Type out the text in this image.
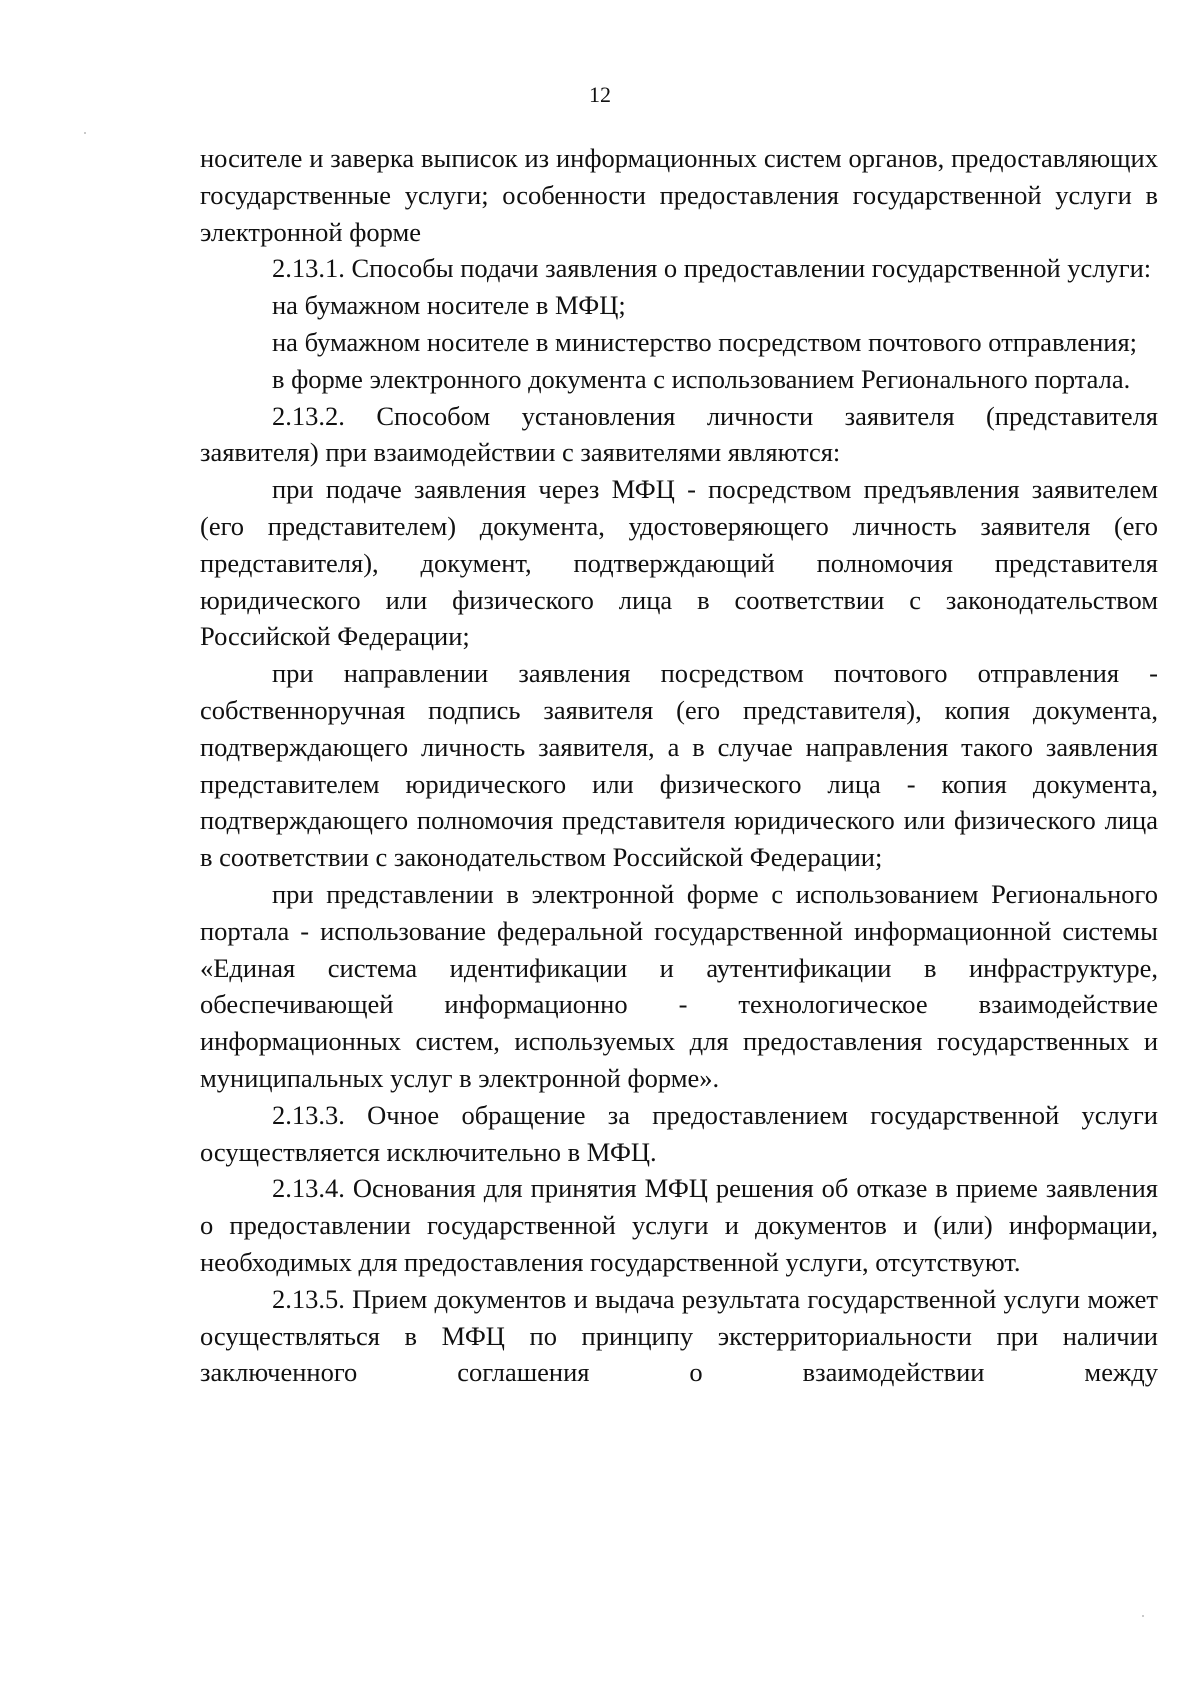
12

носителе и заверка выписок из информационных систем органов, предоставляющих государственные услуги; особенности предоставления государственной услуги в электронной форме

2.13.1. Способы подачи заявления о предоставлении государственной услуги:

на бумажном носителе в МФЦ;

на бумажном носителе в министерство посредством почтового отправления;

в форме электронного документа с использованием Регионального портала.

2.13.2. Способом установления личности заявителя (представителя заявителя) при взаимодействии с заявителями являются:

при подаче заявления через МФЦ - посредством предъявления заявителем (его представителем) документа, удостоверяющего личность заявителя (его представителя), документ, подтверждающий полномочия представителя юридического или физического лица в соответствии с законодательством Российской Федерации;

при направлении заявления посредством почтового отправления - собственноручная подпись заявителя (его представителя), копия документа, подтверждающего личность заявителя, а в случае направления такого заявления представителем юридического или физического лица - копия документа, подтверждающего полномочия представителя юридического или физического лица в соответствии с законодательством Российской Федерации;

при представлении в электронной форме с использованием Регионального портала - использование федеральной государственной информационной системы «Единая система идентификации и аутентификации в инфраструктуре, обеспечивающей информационно - технологическое взаимодействие информационных систем, используемых для предоставления государственных и муниципальных услуг в электронной форме».

2.13.3. Очное обращение за предоставлением государственной услуги осуществляется исключительно в МФЦ.

2.13.4. Основания для принятия МФЦ решения об отказе в приеме заявления о предоставлении государственной услуги и документов и (или) информации, необходимых для предоставления государственной услуги, отсутствуют.

2.13.5. Прием документов и выдача результата государственной услуги может осуществляться в МФЦ по принципу экстерриториальности при наличии заключенного соглашения о взаимодействии между
